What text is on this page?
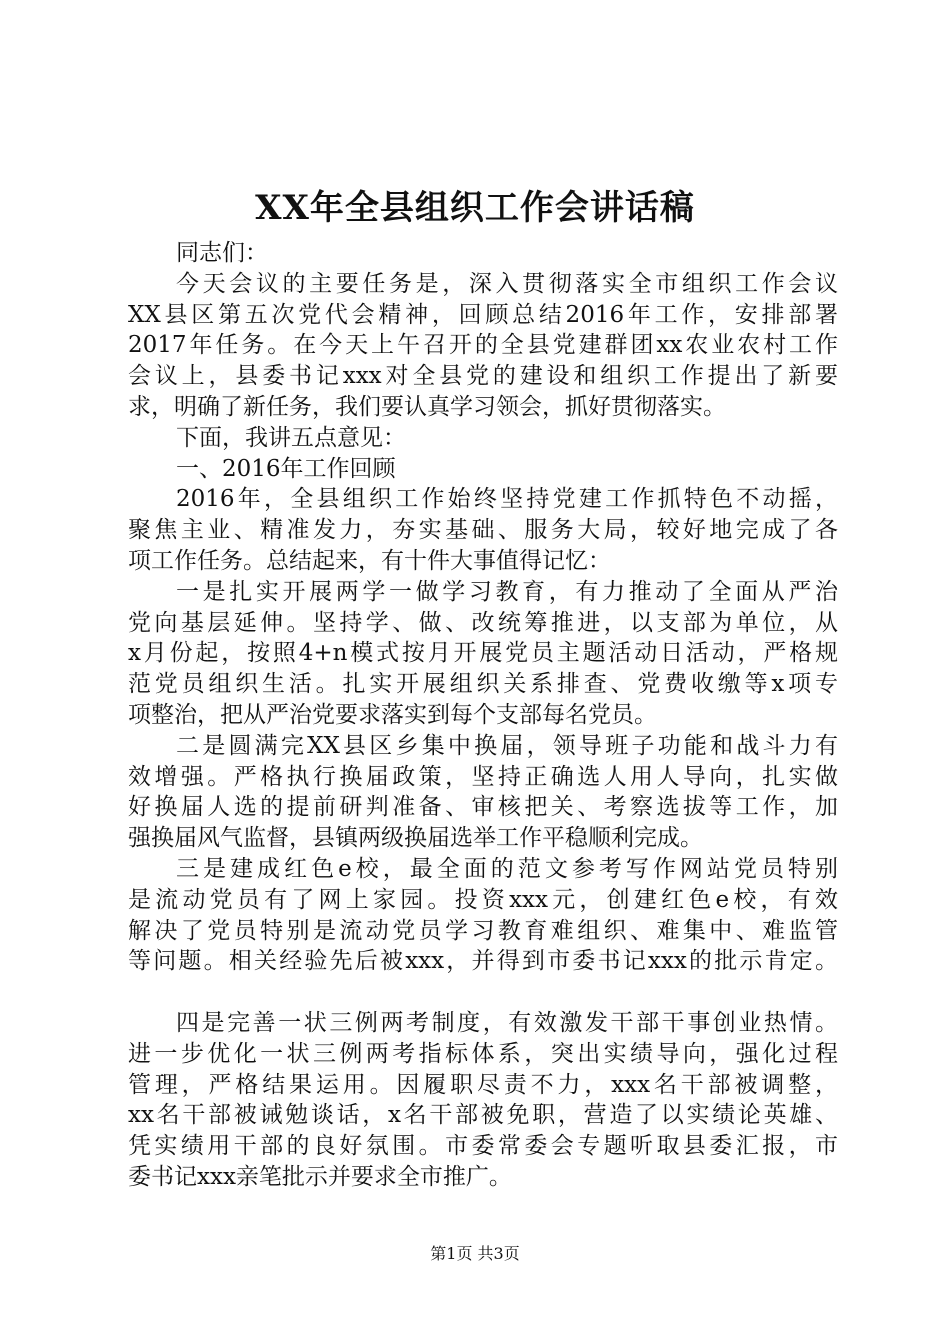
XX年全县组织工作会讲话稿
同志们：
今天会议的主要任务是，深入贯彻落实全市组织工作会议
XX县区第五次党代会精神，回顾总结2016年工作，安排部署
2017年任务。在今天上午召开的全县党建群团xx农业农村工作
会议上，县委书记xxx对全县党的建设和组织工作提出了新要
求，明确了新任务，我们要认真学习领会，抓好贯彻落实。
下面，我讲五点意见：
一、2016年工作回顾
2016年，全县组织工作始终坚持党建工作抓特色不动摇，
聚焦主业、精准发力，夯实基础、服务大局，较好地完成了各
项工作任务。总结起来，有十件大事值得记忆：
一是扎实开展两学一做学习教育，有力推动了全面从严治
党向基层延伸。坚持学、做、改统筹推进，以支部为单位，从
x月份起，按照4+n模式按月开展党员主题活动日活动，严格规
范党员组织生活。扎实开展组织关系排查、党费收缴等x项专
项整治，把从严治党要求落实到每个支部每名党员。
二是圆满完XX县区乡集中换届，领导班子功能和战斗力有
效增强。严格执行换届政策，坚持正确选人用人导向，扎实做
好换届人选的提前研判准备、审核把关、考察选拔等工作，加
强换届风气监督，县镇两级换届选举工作平稳顺利完成。
三是建成红色e校，最全面的范文参考写作网站党员特别
是流动党员有了网上家园。投资xxx元，创建红色e校，有效
解决了党员特别是流动党员学习教育难组织、难集中、难监管
等问题。相关经验先后被xxx，并得到市委书记xxx的批示肯定。
四是完善一状三例两考制度，有效激发干部干事创业热情。
进一步优化一状三例两考指标体系，突出实绩导向，强化过程
管理，严格结果运用。因履职尽责不力，xxx名干部被调整，
xx名干部被诫勉谈话，x名干部被免职，营造了以实绩论英雄、
凭实绩用干部的良好氛围。市委常委会专题听取县委汇报，市
委书记xxx亲笔批示并要求全市推广。
第1页 共3页
